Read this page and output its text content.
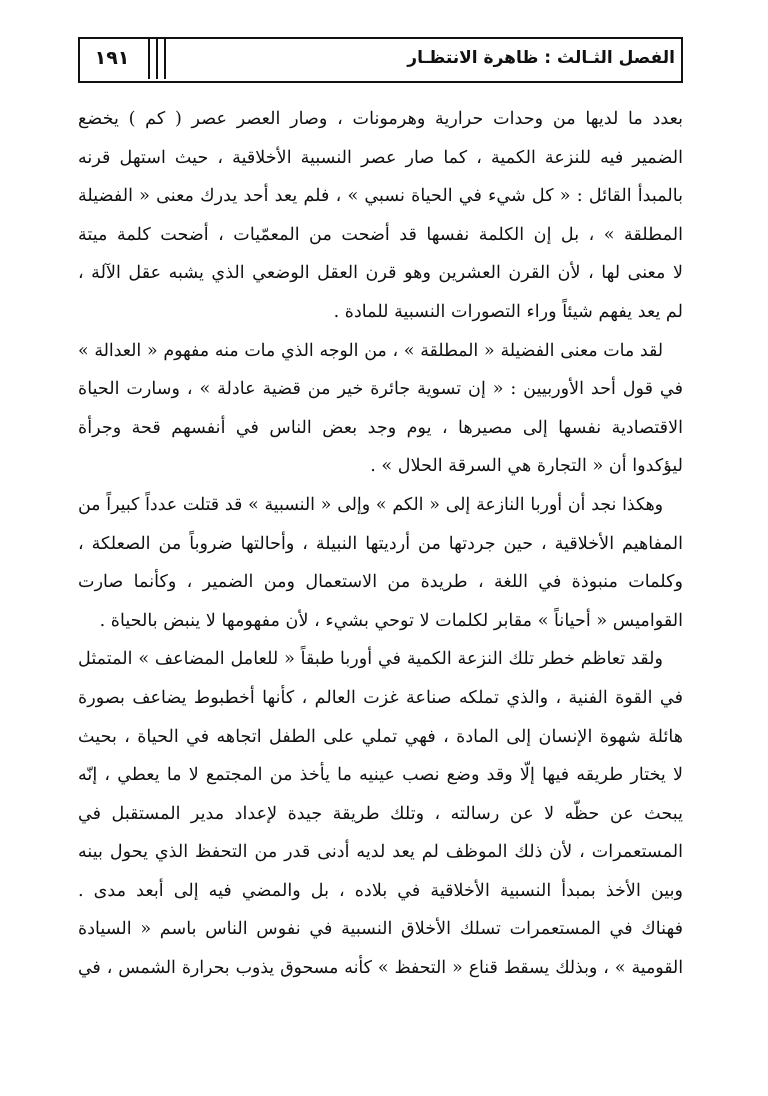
١٩١	الفصل الثـالث : ظاهرة الانتظـار
بعدد ما لديها من وحدات حرارية وهرمونات ، وصار العصر عصر ( كم ) يخضع
الضمير فيه للنزعة الكمية ، كما صار عصر النسبية الأخلاقية ، حيث استهل قرنه
بالمبدأ القائل : « كل شيء في الحياة نسبي » ، فلم يعد أحد يدرك معنى « الفضيلة
المطلقة » ، بل إن الكلمة نفسها قد أضحت من المعمّيات ، أضحت كلمة ميتة
لا معنى لها ، لأن القرن العشرين وهو قرن العقل الوضعي الذي يشبه عقل الآلة ،
لم يعد يفهم شيئاً وراء التصورات النسبية للمادة .
لقد مات معنى الفضيلة « المطلقة » ، من الوجه الذي مات منه مفهوم « العدالة »
في قول أحد الأوربيين : « إن تسوية جائرة خير من قضية عادلة » ، وسارت الحياة
الاقتصادية نفسها إلى مصيرها ، يوم وجد بعض الناس في أنفسهم قحة وجرأة
ليؤكدوا أن « التجارة هي السرقة الحلال » .
وهكذا نجد أن أوربا النازعة إلى « الكم » وإلى « النسبية » قد قتلت عدداً كبيراً من
المفاهيم الأخلاقية ، حين جردتها من أرديتها النبيلة ، وأحالتها ضروباً من الصعلكة ،
وكلمات منبوذة في اللغة ، طريدة من الاستعمال ومن الضمير ، وكأنما صارت
القواميس « أحياناً » مقابر لكلمات لا توحي بشيء ، لأن مفهومها لا ينبض بالحياة .
ولقد تعاظم خطر تلك النزعة الكمية في أوربا طبقاً « للعامل المضاعف » المتمثل
في القوة الفنية ، والذي تملكه صناعة غزت العالم ، كأنها أخطبوط يضاعف بصورة
هائلة شهوة الإنسان إلى المادة ، فهي تملي على الطفل اتجاهه في الحياة ، بحيث
لا يختار طريقه فيها إلّا وقد وضع نصب عينيه ما يأخذ من المجتمع لا ما يعطي ، إنّه
يبحث عن حظّه لا عن رسالته ، وتلك طريقة جيدة لإعداد مدير المستقبل في
المستعمرات ، لأن ذلك الموظف لم يعد لديه أدنى قدر من التحفظ الذي يحول بينه
وبين الأخذ بمبدأ النسبية الأخلاقية في بلاده ، بل والمضي فيه إلى أبعد مدى .
فهناك في المستعمرات تسلك الأخلاق النسبية في نفوس الناس باسم « السيادة
القومية » ، وبذلك يسقط قناع « التحفظ » كأنه مسحوق يذوب بحرارة الشمس ، في
